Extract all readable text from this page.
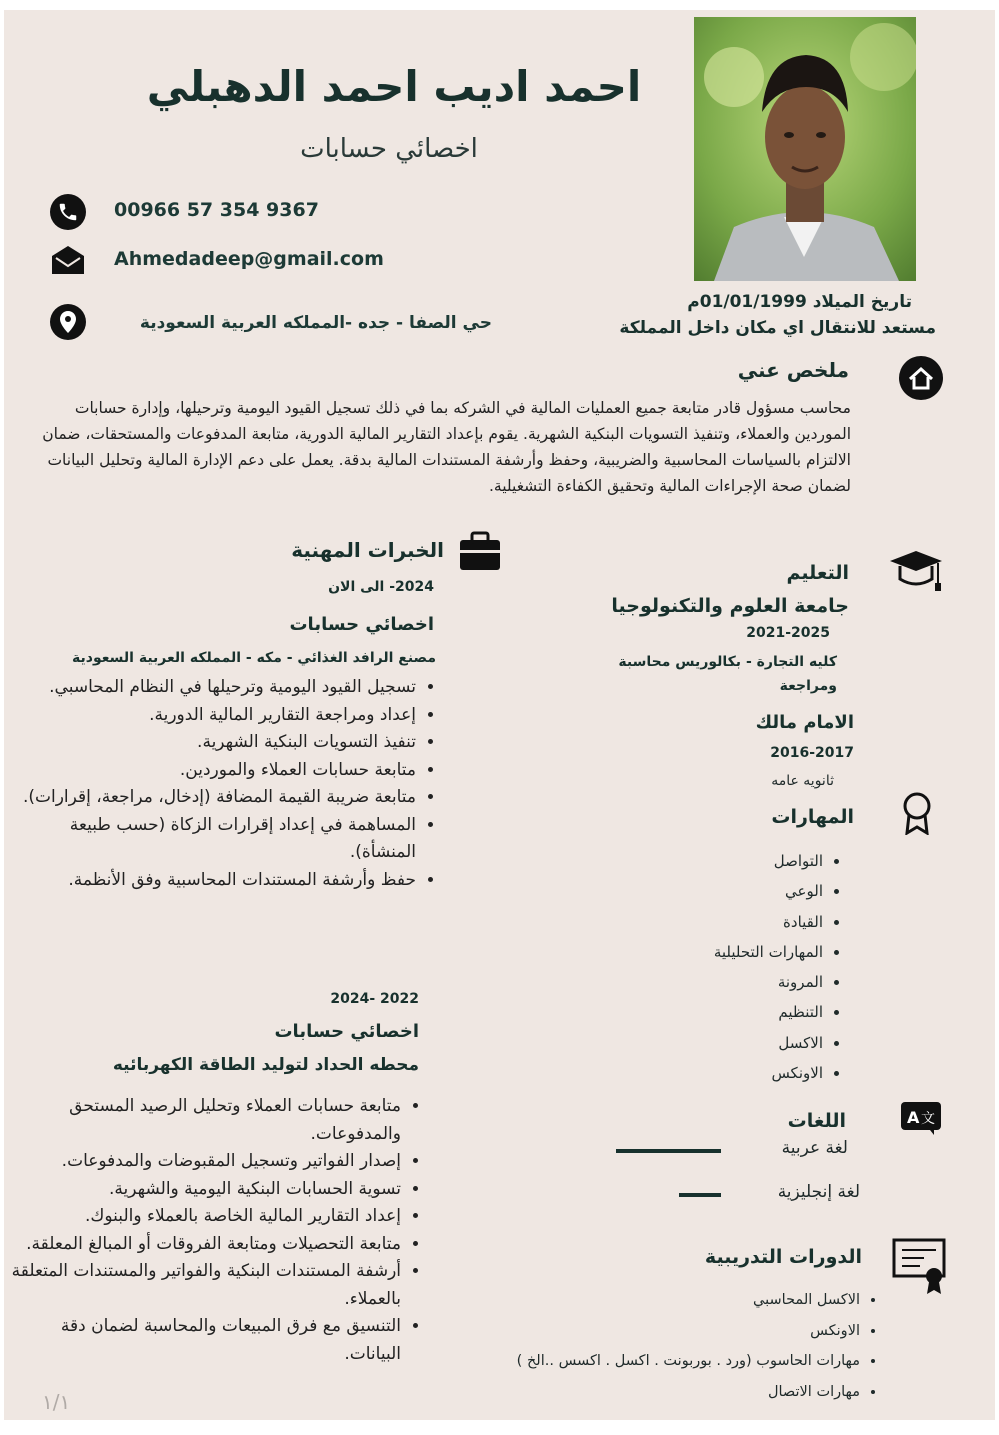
احمد اديب احمد الدهبلي
اخصائي حسابات
تاريخ الميلاد 01/01/1999م
مستعد للانتقال اي مكان داخل المملكة
00966 57 354 9367
Ahmedadeep@gmail.com
حي الصفا - جده -المملكه العربية السعودية
ملخص عني
محاسب مسؤول قادر متابعة جميع العمليات المالية في الشركه بما في ذلك تسجيل القيود اليومية وترحيلها، وإدارة حسابات الموردين والعملاء، وتنفيذ التسويات البنكية الشهرية. يقوم بإعداد التقارير المالية الدورية، متابعة المدفوعات والمستحقات، ضمان الالتزام بالسياسات المحاسبية والضريبية، وحفظ وأرشفة المستندات المالية بدقة. يعمل على دعم الإدارة المالية وتحليل البيانات لضمان صحة الإجراءات المالية وتحقيق الكفاءة التشغيلية.
الخبرات المهنية
2024- الى الان
اخصائي حسابات
مصنع الرافد الغذائي - مكه - المملكه العربية السعودية
• تسجيل القيود اليومية وترحيلها في النظام المحاسبي.
• إعداد ومراجعة التقارير المالية الدورية.
• تنفيذ التسويات البنكية الشهرية.
• متابعة حسابات العملاء والموردين.
• متابعة ضريبة القيمة المضافة (إدخال، مراجعة، إقرارات).
• المساهمة في إعداد إقرارات الزكاة (حسب طبيعة المنشأة).
• حفظ وأرشفة المستندات المحاسبية وفق الأنظمة.
2022 -2024
اخصائي حسابات
محطه الحداد لتوليد الطاقة الكهربائيه
• متابعة حسابات العملاء وتحليل الرصيد المستحق والمدفوعات.
• إصدار الفواتير وتسجيل المقبوضات والمدفوعات.
• تسوية الحسابات البنكية اليومية والشهرية.
• إعداد التقارير المالية الخاصة بالعملاء والبنوك.
• متابعة التحصيلات ومتابعة الفروقات أو المبالغ المعلقة.
• أرشفة المستندات البنكية والفواتير والمستندات المتعلقة بالعملاء.
• التنسيق مع فرق المبيعات والمحاسبة لضمان دقة البيانات.
التعليم
جامعة العلوم والتكنولوجيا
2021-2025
كليه التجارة - بكالوريس محاسبة ومراجعة
الامام مالك
2016-2017
ثانويه عامه
المهارات
• التواصل
• الوعي
• القيادة
• المهارات التحليلية
• المرونة
• التنظيم
• الاكسل
• الاونكس
A 文
اللغات
لغة عربية
لغة إنجليزية
الدورات التدريبية
• الاكسل المحاسبي
• الاونكس
• مهارات الحاسوب (ورد . بوربونت . اكسل . اكسس ..الخ )
• مهارات الاتصال
١/١
